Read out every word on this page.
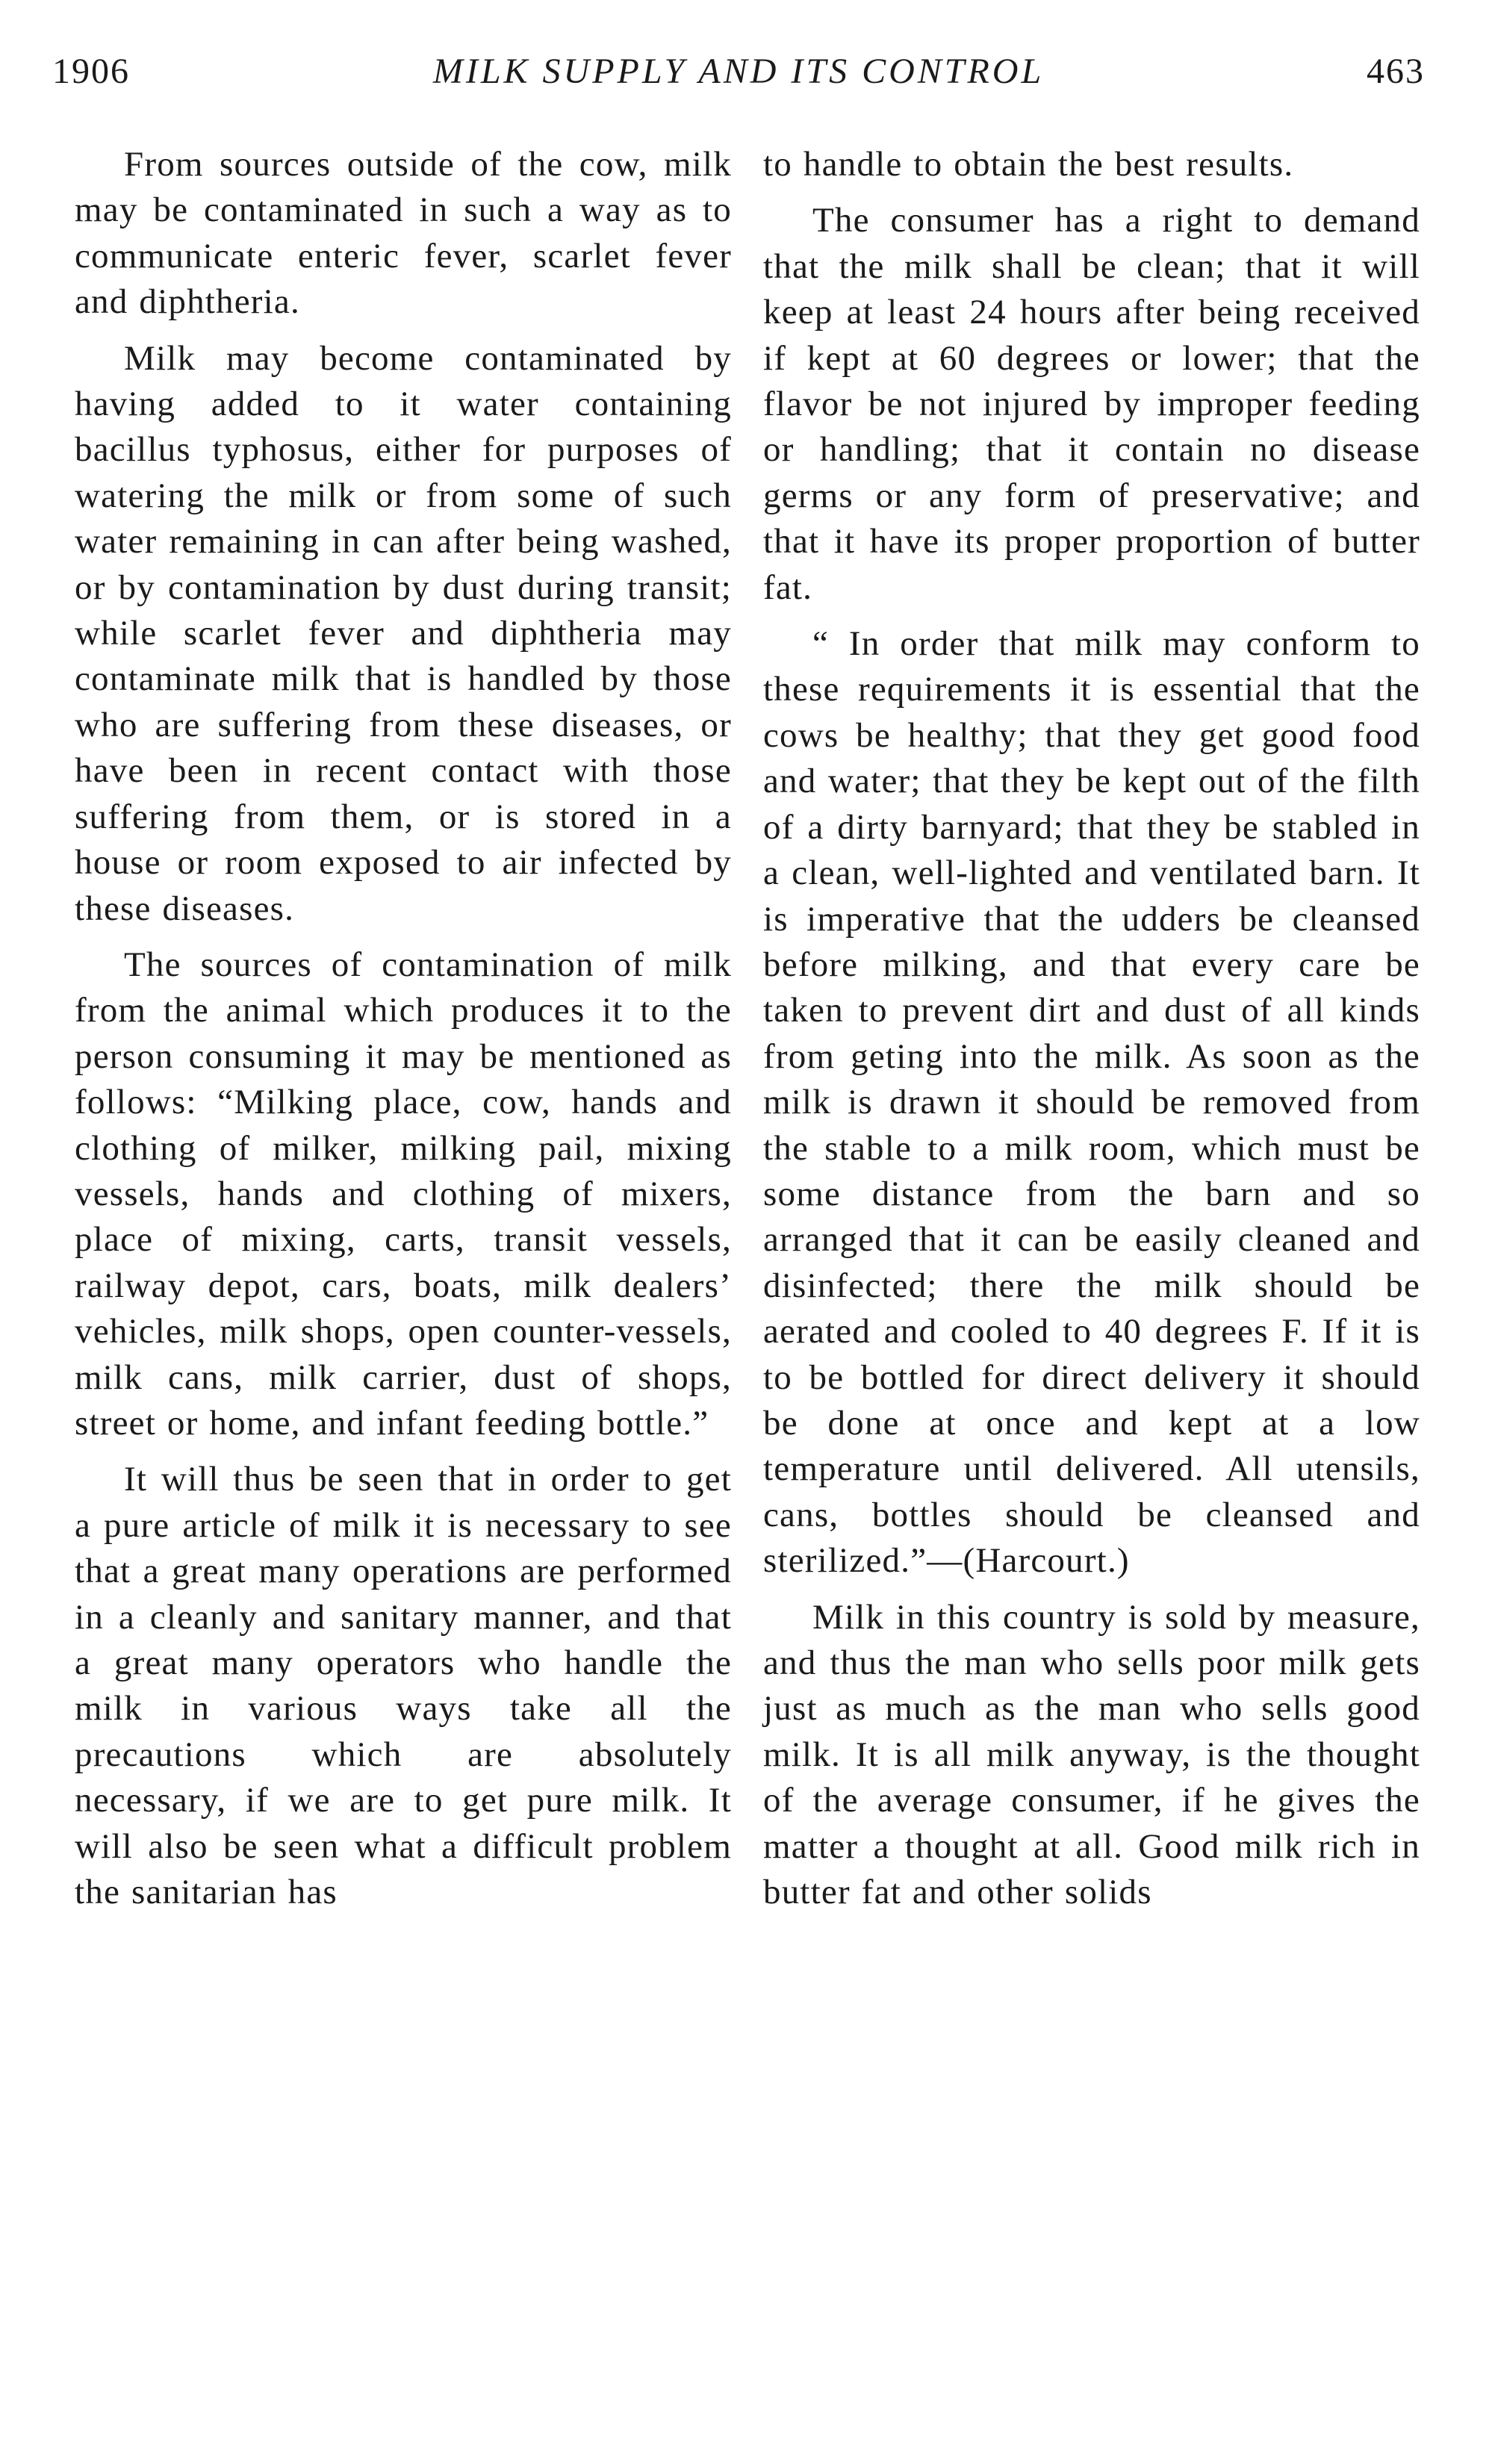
1906	MILK SUPPLY AND ITS CONTROL	463

From sources outside of the cow, milk may be contaminated in such a way as to communicate enteric fever, scarlet fever and diphtheria.

Milk may become contaminated by having added to it water containing bacillus typhosus, either for purposes of watering the milk or from some of such water remaining in can after being washed, or by contamination by dust during transit; while scarlet fever and diphtheria may contaminate milk that is handled by those who are suffering from these diseases, or have been in recent contact with those suffering from them, or is stored in a house or room exposed to air infected by these diseases.

The sources of contamination of milk from the animal which produces it to the person consuming it may be mentioned as follows: “Milking place, cow, hands and clothing of milker, milking pail, mixing vessels, hands and clothing of mixers, place of mixing, carts, transit vessels, railway depot, cars, boats, milk dealers’ vehicles, milk shops, open counter-vessels, milk cans, milk carrier, dust of shops, street or home, and infant feeding bottle.”

It will thus be seen that in order to get a pure article of milk it is necessary to see that a great many operations are performed in a cleanly and sanitary manner, and that a great many operators who handle the milk in various ways take all the precautions which are absolutely necessary, if we are to get pure milk. It will also be seen what a difficult problem the sanitarian has

to handle to obtain the best results.

The consumer has a right to demand that the milk shall be clean; that it will keep at least 24 hours after being received if kept at 60 degrees or lower; that the flavor be not injured by improper feeding or handling; that it contain no disease germs or any form of preservative; and that it have its proper proportion of butter fat.

“ In order that milk may conform to these requirements it is essential that the cows be healthy; that they get good food and water; that they be kept out of the filth of a dirty barnyard; that they be stabled in a clean, well-lighted and ventilated barn. It is imperative that the udders be cleansed before milking, and that every care be taken to prevent dirt and dust of all kinds from geting into the milk. As soon as the milk is drawn it should be removed from the stable to a milk room, which must be some distance from the barn and so arranged that it can be easily cleaned and disinfected; there the milk should be aerated and cooled to 40 degrees F. If it is to be bottled for direct delivery it should be done at once and kept at a low temperature until delivered. All utensils, cans, bottles should be cleansed and sterilized.”—(Harcourt.)

Milk in this country is sold by measure, and thus the man who sells poor milk gets just as much as the man who sells good milk. It is all milk anyway, is the thought of the average consumer, if he gives the matter a thought at all. Good milk rich in butter fat and other solids
